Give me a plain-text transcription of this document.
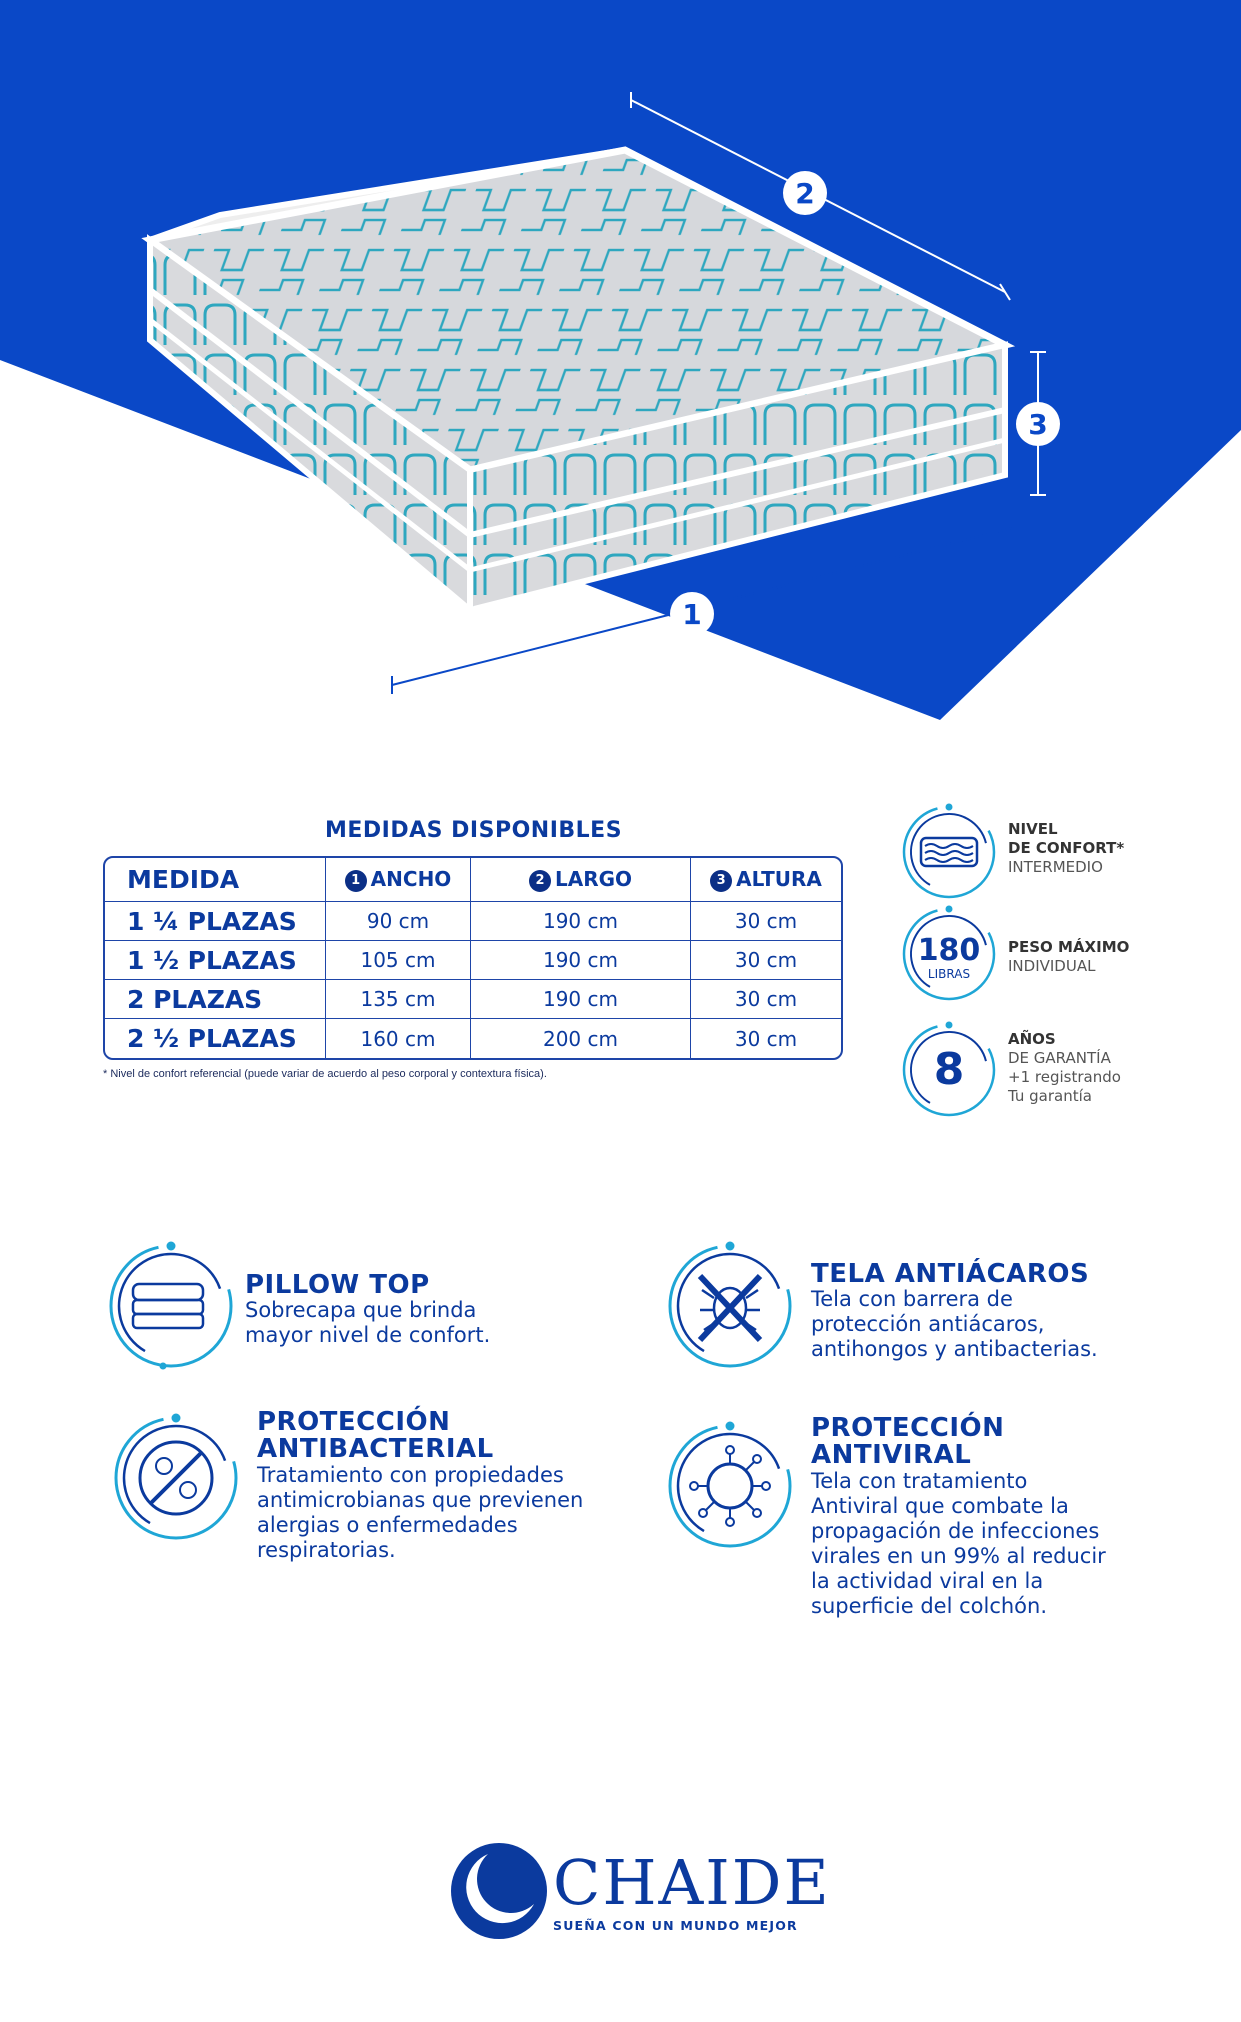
2
3
1
MEDIDAS DISPONIBLES
MEDIDA	1 ANCHO	2 LARGO	3 ALTURA
1 ¼ PLAZAS	90 cm	190 cm	30 cm
1 ½ PLAZAS	105 cm	190 cm	30 cm
2 PLAZAS	135 cm	190 cm	30 cm
2 ½ PLAZAS	160 cm	200 cm	30 cm
* Nivel de confort referencial (puede variar de acuerdo al peso corporal y contextura física).
NIVEL
DE CONFORT*
INTERMEDIO
180
LIBRAS
PESO MÁXIMO
INDIVIDUAL
8
AÑOS
DE GARANTÍA
+1 registrando
Tu garantía
PILLOW TOP
Sobrecapa que brinda
mayor nivel de confort.
TELA ANTIÁCAROS
Tela con barrera de
protección antiácaros,
antihongos y antibacterias.
PROTECCIÓN
ANTIBACTERIAL
Tratamiento con propiedades
antimicrobianas que previenen
alergias o enfermedades
respiratorias.
PROTECCIÓN
ANTIVIRAL
Tela con tratamiento
Antiviral que combate la
propagación de infecciones
virales en un 99% al reducir
la actividad viral en la
superficie del colchón.
CHAIDE
SUEÑA CON UN MUNDO MEJOR
